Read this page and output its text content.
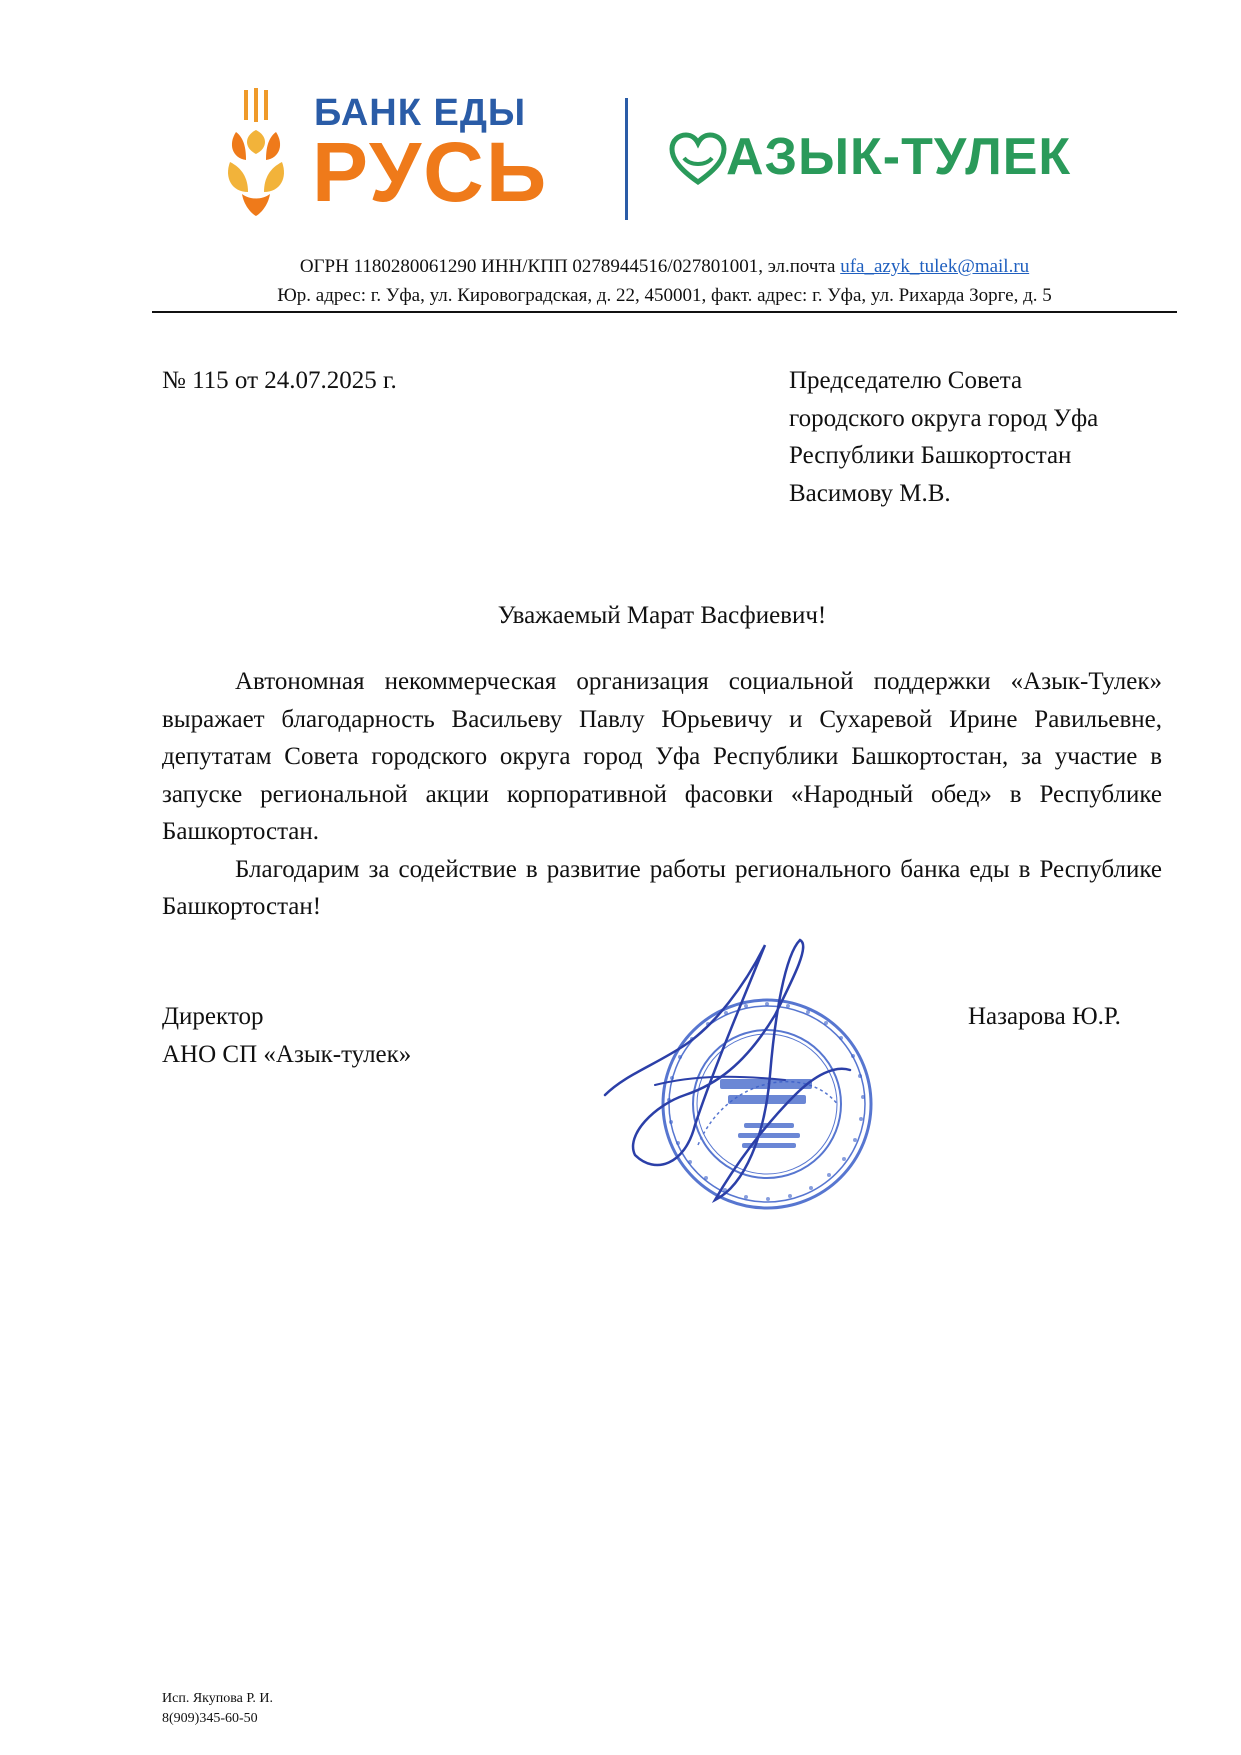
БАНК ЕДЫ
РУСЬ	АЗЫК-ТУЛЕК
ОГРН 1180280061290 ИНН/КПП 0278944516/027801001, эл.почта ufa_azyk_tulek@mail.ru
Юр. адрес: г. Уфа, ул. Кировоградская, д. 22, 450001, факт. адрес: г. Уфа, ул. Рихарда Зорге, д. 5
№ 115 от 24.07.2025 г.	Председателю Совета
городского округа город Уфа
Республики Башкортостан
Васимову М.В.
Уважаемый Марат Васфиевич!

Автономная некоммерческая организация социальной поддержки «Азык-Тулек» выражает благодарность Васильеву Павлу Юрьевичу и Сухаревой Ирине Равильевне, депутатам Совета городского округа город Уфа Республики Башкортостан, за участие в запуске региональной акции корпоративной фасовки «Народный обед» в Республике Башкортостан.

Благодарим за содействие в развитие работы регионального банка еды в Республике Башкортостан!

Директор
АНО СП «Азык-тулек»
Назарова Ю.Р.
Исп. Якупова Р. И.
8(909)345-60-50
